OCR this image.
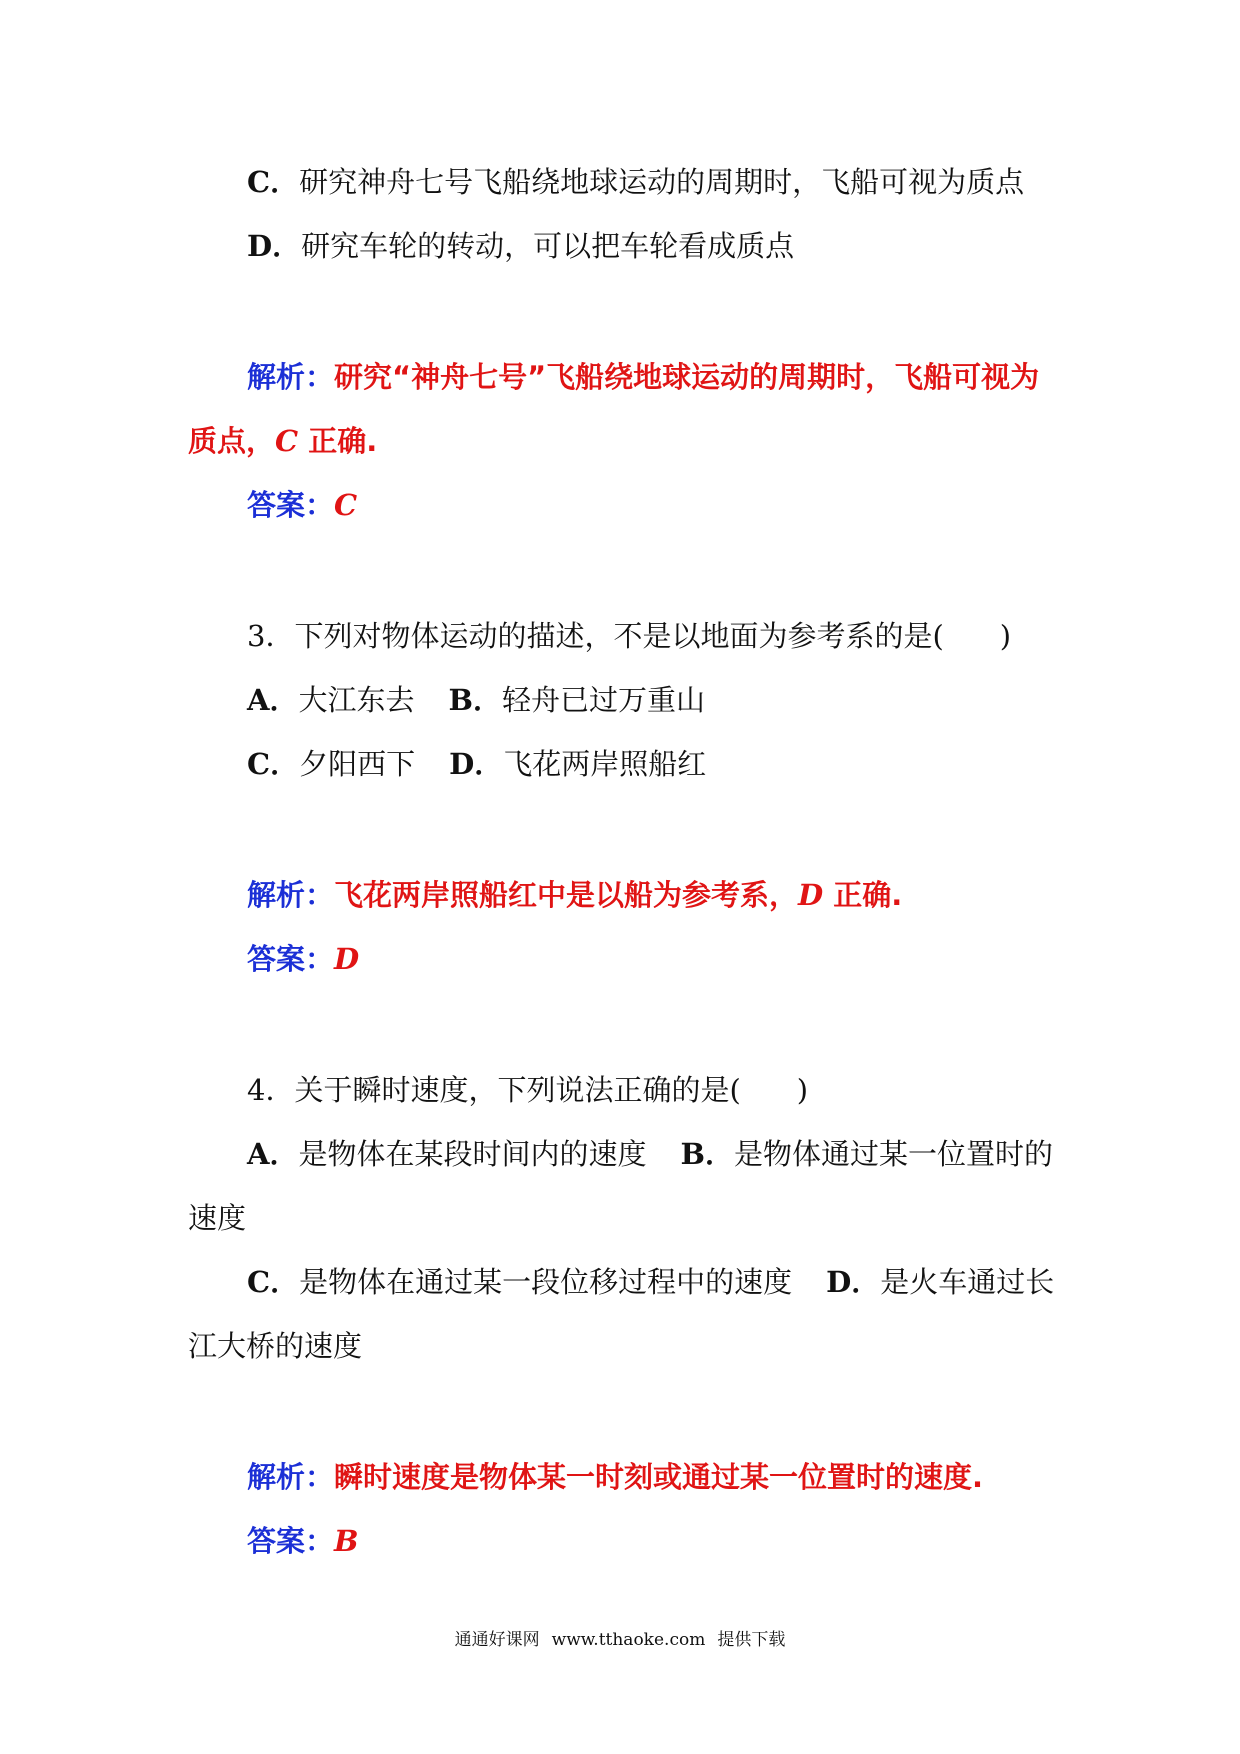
C．研究神舟七号飞船绕地球运动的周期时，飞船可视为质点
D．研究车轮的转动，可以把车轮看成质点
解析：研究“神舟七号”飞船绕地球运动的周期时，飞船可视为
质点，C 正确.
答案：C
3．下列对物体运动的描述，不是以地面为参考系的是( )
A．大江东去 B．轻舟已过万重山
C．夕阳西下 D．飞花两岸照船红
解析：飞花两岸照船红中是以船为参考系，D 正确.
答案：D
4．关于瞬时速度，下列说法正确的是( )
A．是物体在某段时间内的速度 B．是物体通过某一位置时的
速度
C．是物体在通过某一段位移过程中的速度 D．是火车通过长
江大桥的速度
解析：瞬时速度是物体某一时刻或通过某一位置时的速度.
答案：B
通通好课网 www.tthaoke.com 提供下载
